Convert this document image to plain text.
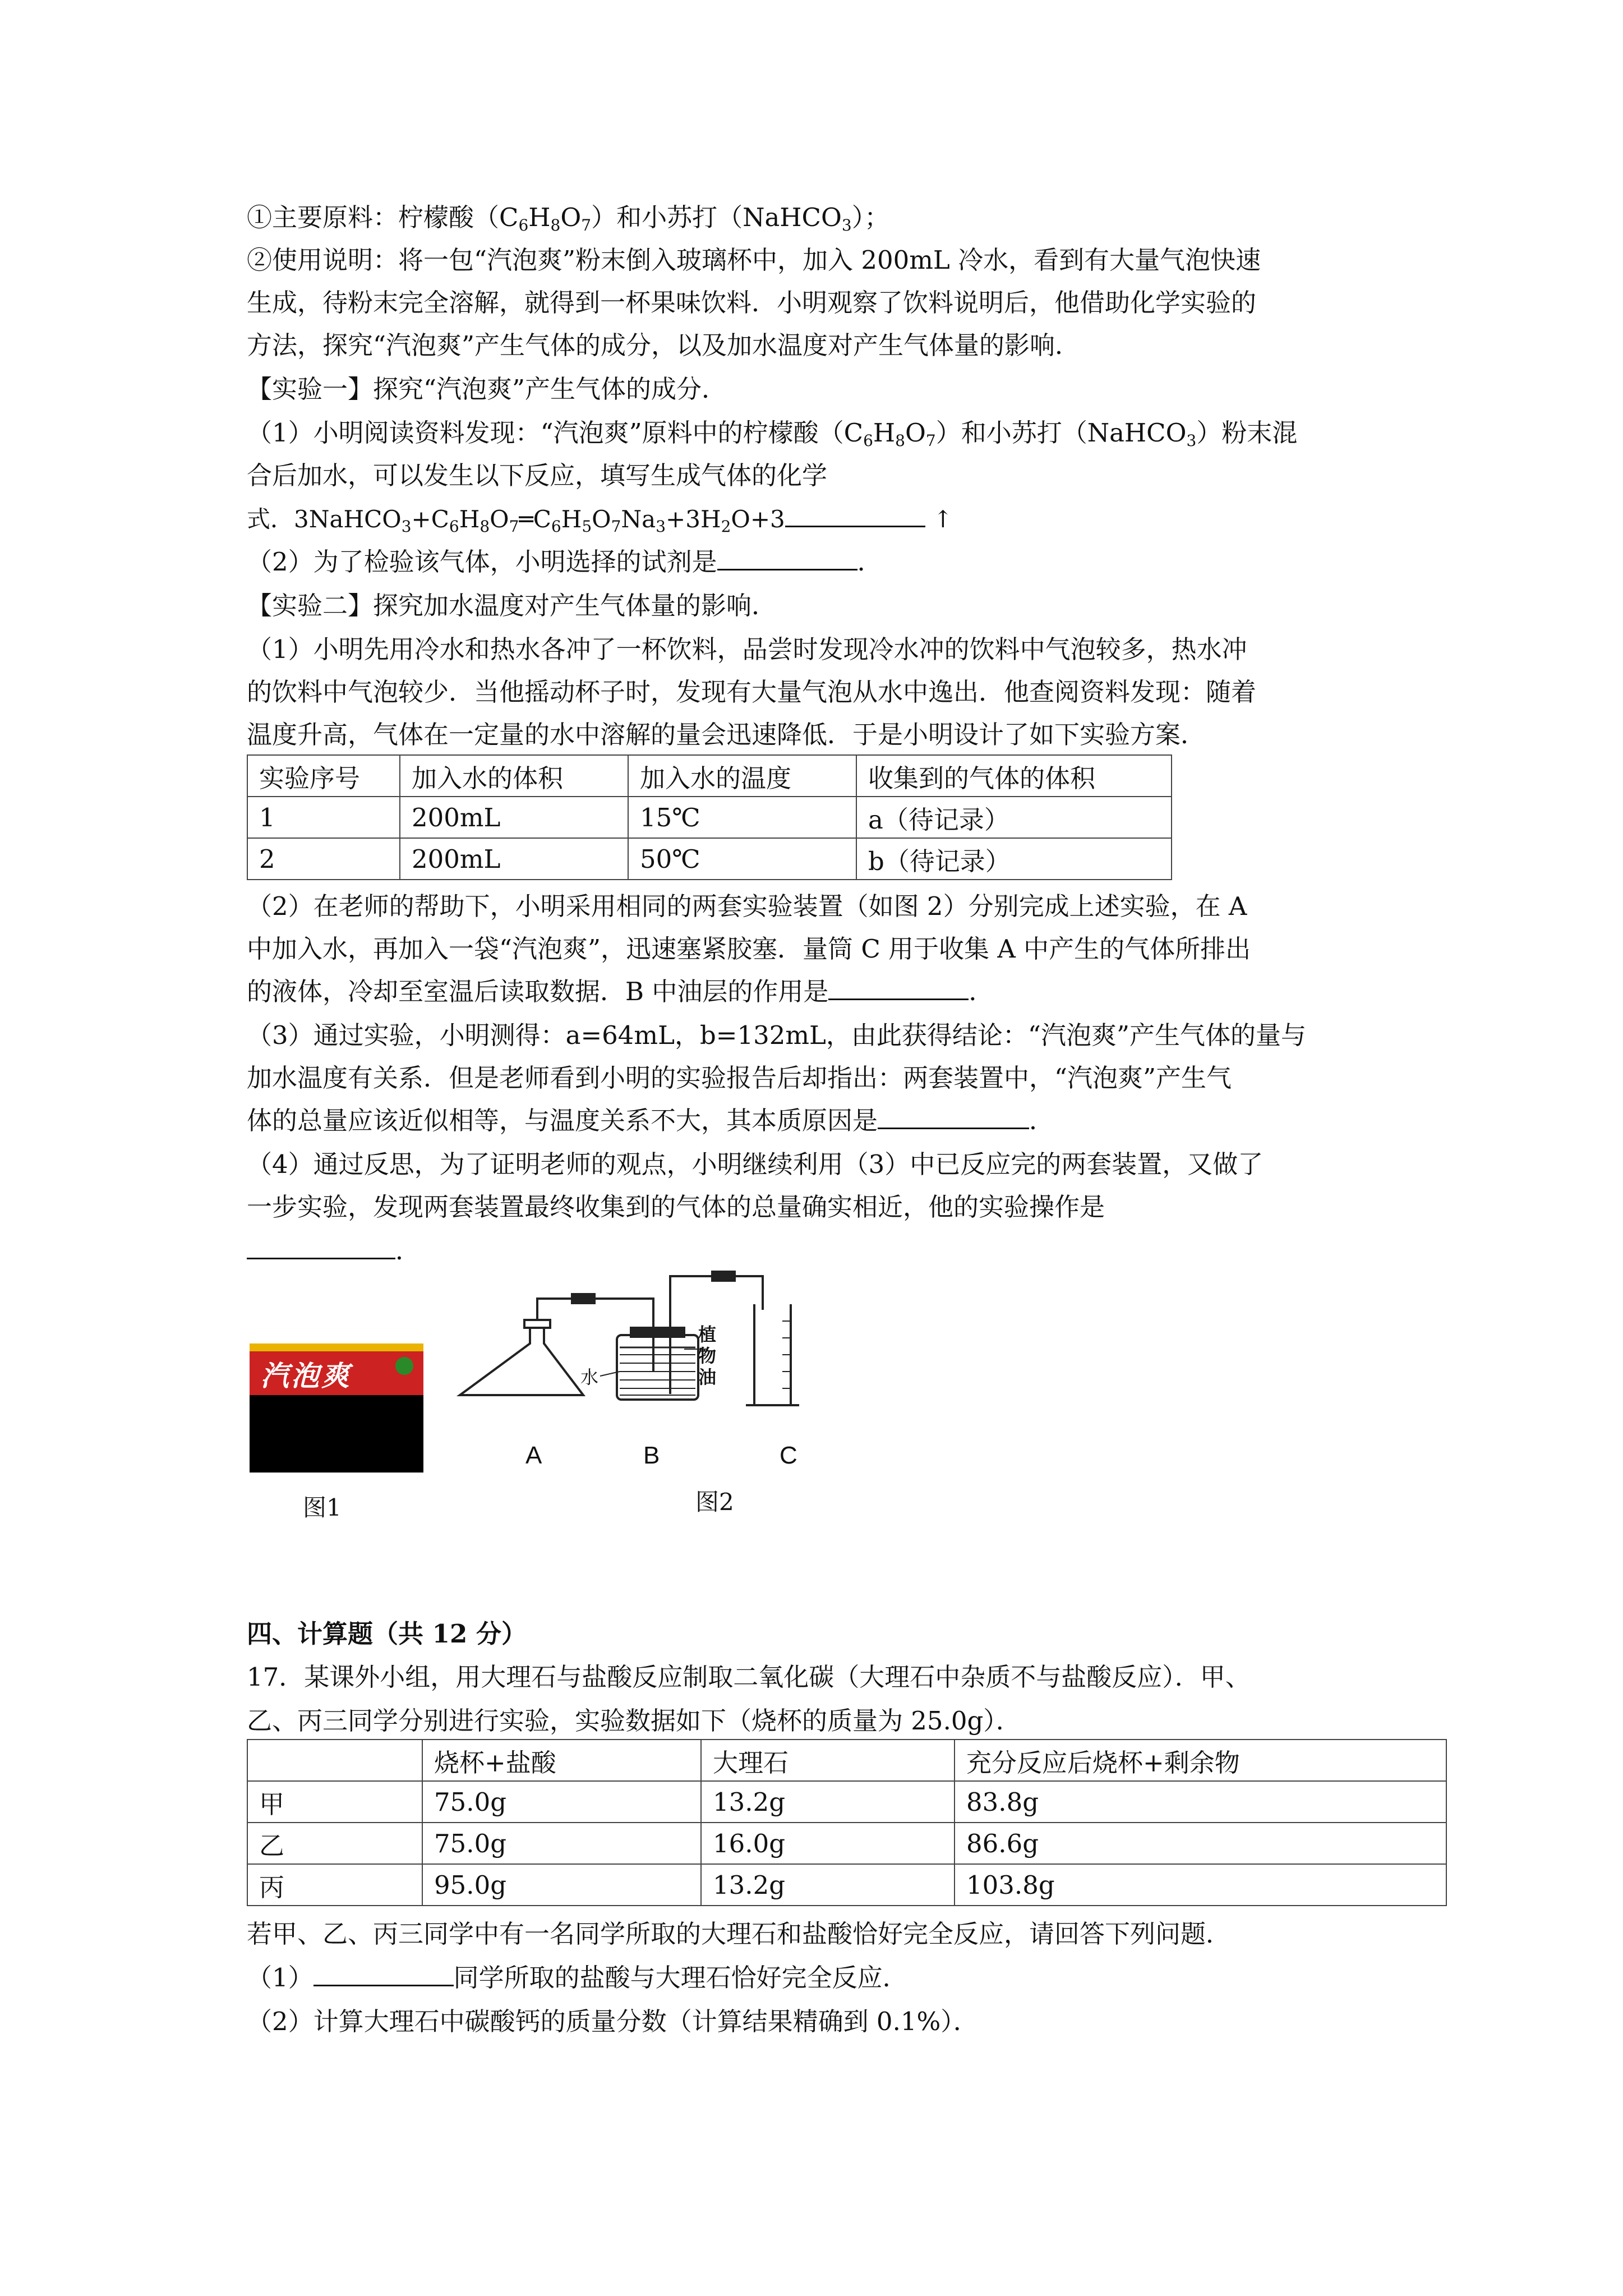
①主要原料：柠檬酸$(C_6H_8O_7)$和小苏打（NaHCO$_3$）；
②使用说明：将一包“汽泡爽”粉末倒入玻璃杯中，加入 200mL 冷水，看到有大量气泡快速
生成，待粉末完全溶解，就得到一杯果味饮料．小明观察了饮料说明后，他借助化学实验的
方法，探究“汽泡爽”产生气体的成分，以及加水温度对产生气体量的影响．
【实验一】探究“汽泡爽”产生气体的成分．
（1）小明阅读资料发现：“汽泡爽”原料中的柠檬酸$(C_6H_8O_7)$和小苏打（NaHCO$_3$）粉末混
合后加水，可以发生以下反应，填写生成气体的化学
式．$3NaHCO_3+C_6H_8O_7═C_6H_5O_7Na_3+3H_2O+3$	↑
（2）为了检验该气体，小明选择的试剂是	．
【实验二】探究加水温度对产生气体量的影响．
（1）小明先用冷水和热水各冲了一杯饮料，品尝时发现冷水冲的饮料中气泡较多，热水冲
的饮料中气泡较少．当他摇动杯子时，发现有大量气泡从水中逸出．他查阅资料发现：随着
温度升高，气体在一定量的水中溶解的量会迅速降低．于是小明设计了如下实验方案．
实验序号	加入水的体积	加入水的温度	收集到的气体的体积
1	200mL	15℃	a（待记录）
2	200mL	50℃	b（待记录）
（2）在老师的帮助下，小明采用相同的两套实验装置（如图 2）分别完成上述实验，在 A
中加入水，再加入一袋“汽泡爽”，迅速塞紧胶塞．量筒 C 用于收集 A 中产生的气体所排出
的液体，冷却至室温后读取数据．B 中油层的作用是	．
（3）通过实验，小明测得：a=64mL，b=132mL，由此获得结论：“汽泡爽”产生气体的量与
加水温度有关系．但是老师看到小明的实验报告后却指出：两套装置中，“汽泡爽”产生气
体的总量应该近似相等，与温度关系不大，其本质原因是	．
（4）通过反思，为了证明老师的观点，小明继续利用（3）中已反应完的两套装置，又做了
一步实验，发现两套装置最终收集到的气体的总量确实相近，他的实验操作是
．
汽泡爽
图1
植物油
水
A	B	C
图2
四、计算题（共 12 分）
17．某课外小组，用大理石与盐酸反应制取二氧化碳（大理石中杂质不与盐酸反应）．甲、
乙、丙三同学分别进行实验，实验数据如下（烧杯的质量为 25.0g）．
	烧杯+盐酸	大理石	充分反应后烧杯+剩余物
甲	75.0g	13.2g	83.8g
乙	75.0g	16.0g	86.6g
丙	95.0g	13.2g	103.8g
若甲、乙、丙三同学中有一名同学所取的大理石和盐酸恰好完全反应，请回答下列问题．
（1）	同学所取的盐酸与大理石恰好完全反应．
（2）计算大理石中碳酸钙的质量分数（计算结果精确到 0.1%）．
